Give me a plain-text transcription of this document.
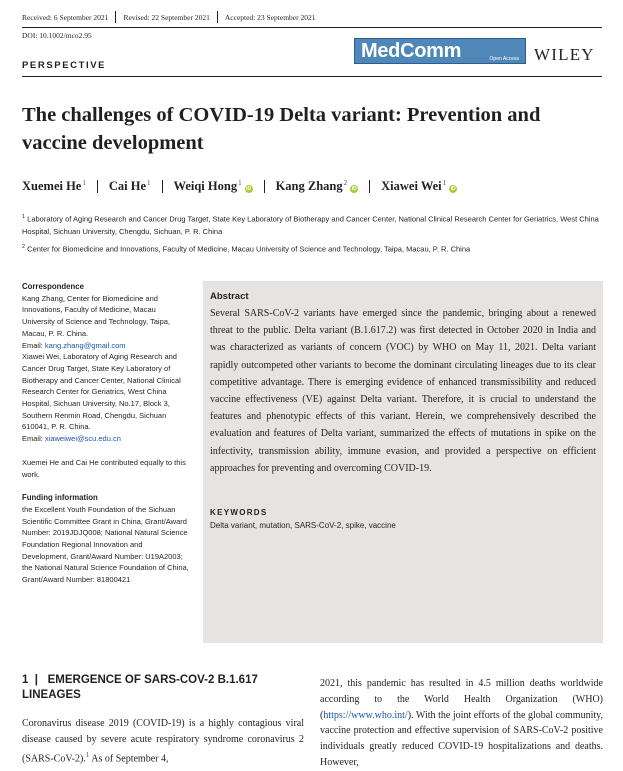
Received: 6 September 2021 Revised: 22 September 2021 Accepted: 23 September 2021
DOI: 10.1002/mco2.95
MedComm	Open Access WILEY
PERSPECTIVE
The challenges of COVID-19 Delta variant: Prevention and vaccine development
Xuemei He$^1$ Cai He$^1$ Weiqi Hong$^1$iD Kang Zhang$^2$iD Xiawei Wei$^1$iD
$^1$ Laboratory of Aging Research and Cancer Drug Target, State Key Laboratory of Biotherapy and Cancer Center, National Clinical Research Center for Geriatrics, West China Hospital, Sichuan University, Chengdu, Sichuan, P. R. China
$^2$ Center for Biomedicine and Innovations, Faculty of Medicine, Macau University of Science and Technology, Taipa, Macau, P. R. China
Correspondence
Kang Zhang, Center for Biomedicine and Innovations, Faculty of Medicine, Macau University of Science and Technology, Taipa, Macau, P. R. China.
Email: kang.zhang@gmail.com
Xiawei Wei, Laboratory of Aging Research and Cancer Drug Target, State Key Laboratory of Biotherapy and Cancer Center, National Clinical Research Center for Geriatrics, West China Hospital, Sichuan University, No.17, Block 3, Southern Renmin Road, Chengdu, Sichuan 610041, P. R. China.
Email: xiaweiwei@scu.edu.cn
Xuemei He and Cai He contributed equally to this work.
Funding information
the Excellent Youth Foundation of the Sichuan Scientific Committee Grant in China, Grant/Award Number: 2019JDJQ008; National Natural Science Foundation Regional Innovation and Development, Grant/Award Number: U19A2003; the National Natural Science Foundation of China, Grant/Award Number: 81800421
Abstract
Several SARS-CoV-2 variants have emerged since the pandemic, bringing about a renewed threat to the public. Delta variant (B.1.617.2) was first detected in October 2020 in India and was characterized as variants of concern (VOC) by WHO on May 11, 2021. Delta variant rapidly outcompeted other variants to become the dominant circulating lineages due to its clear competitive advantage. There is emerging evidence of enhanced transmissibility and reduced vaccine effectiveness (VE) against Delta variant. Therefore, it is crucial to understand the features and phenotypic effects of this variant. Herein, we comprehensively described the evaluation and features of Delta variant, summarized the effects of mutations in spike on the infectivity, transmission ability, immune evasion, and provided a perspective on efficient approaches for preventing and overcoming COVID-19.
KEYWORDS
Delta variant, mutation, SARS-CoV-2, spike, vaccine
1  |   EMERGENCE OF SARS-COV-2 B.1.617 LINEAGES
Coronavirus disease 2019 (COVID-19) is a highly contagious viral disease caused by severe acute respiratory syndrome coronavirus 2 (SARS-CoV-2).$^1$ As of September 4,
2021, this pandemic has resulted in 4.5 million deaths worldwide according to the World Health Organization (WHO) (https://www.who.int/). With the joint efforts of the global community, vaccine protection and effective supervision of SARS-CoV-2 positive individuals greatly reduced COVID-19 hospitalizations and deaths. However,
